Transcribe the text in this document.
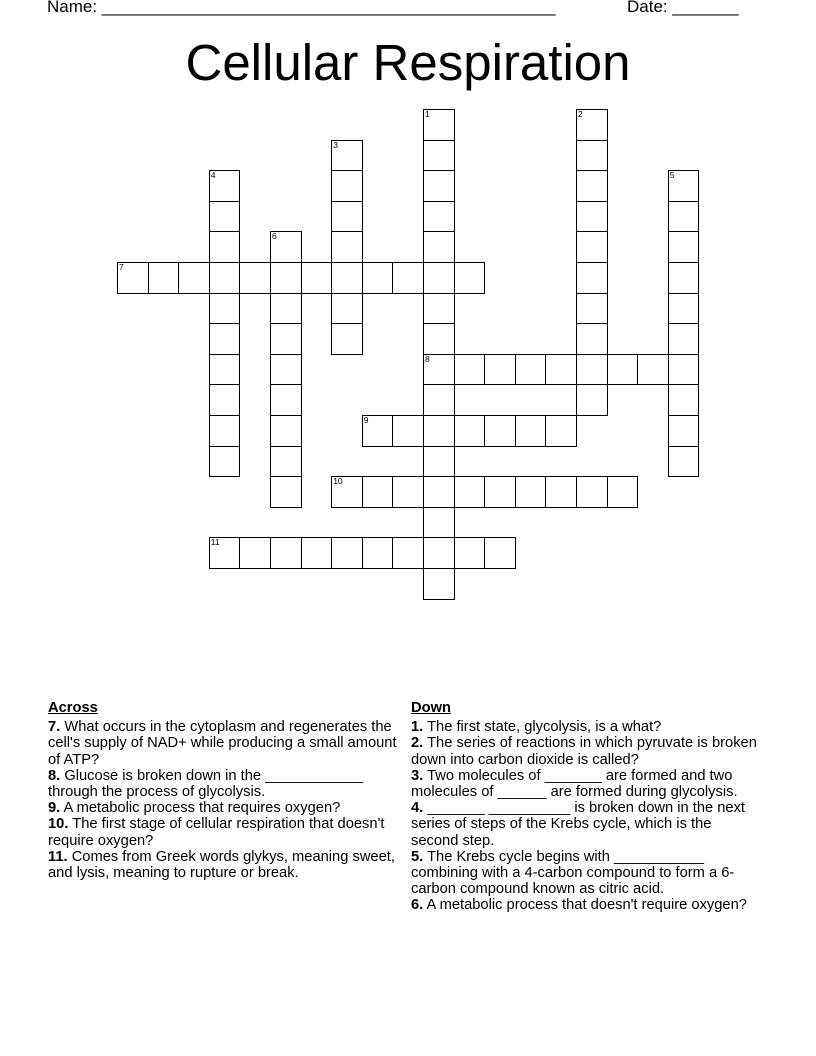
Name: ________________________________________________	Date: _______
Cellular Respiration
1
8
2
3
4	5
6
7
9
10
11
Across
7. What occurs in the cytoplasm and regenerates the cell's supply of NAD+ while producing a small amount of ATP?
8. Glucose is broken down in the ____________ through the process of glycolysis.
9. A metabolic process that requires oxygen?
10. The first stage of cellular respiration that doesn't require oxygen?
11. Comes from Greek words glykys, meaning sweet, and lysis, meaning to rupture or break.
Down
1. The first state, glycolysis, is a what?
2. The series of reactions in which pyruvate is broken down into carbon dioxide is called?
3. Two molecules of _______ are formed and two molecules of ______ are formed during glycolysis.
4. _______ __________ is broken down in the next series of steps of the Krebs cycle, which is the second step.
5. The Krebs cycle begins with ___________ combining with a 4-carbon compound to form a 6-carbon compound known as citric acid.
6. A metabolic process that doesn't require oxygen?
